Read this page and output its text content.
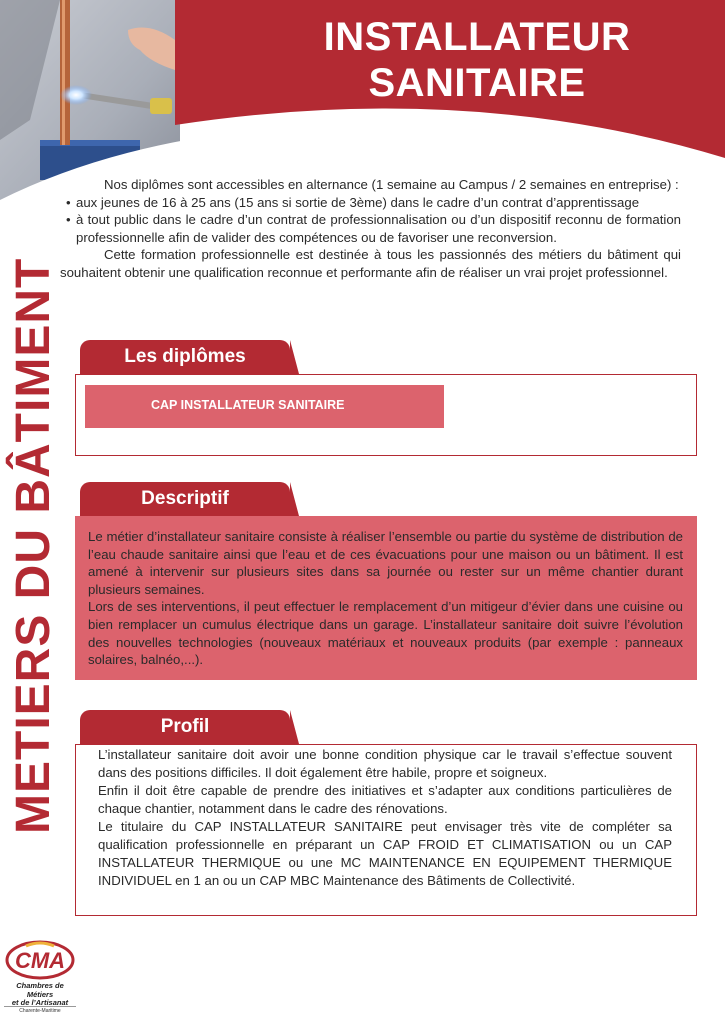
INSTALLATEUR
SANITAIRE
METIERS DU BÂTIMENT

Nos diplômes sont accessibles en alternance (1 semaine au Campus / 2 semaines en entreprise) :

• aux jeunes de 16 à 25 ans (15 ans si sortie de 3ème) dans le cadre d’un contrat d’apprentissage
• à tout public dans le cadre d’un contrat de professionnalisation ou d’un dispositif reconnu de formation professionnelle afin de valider des compétences ou de favoriser une reconversion.

Cette formation professionnelle est destinée à tous les passionnés des métiers du bâtiment qui souhaitent obtenir une qualification reconnue et performante afin de réaliser un vrai projet professionnel.

Les diplômes
CAP INSTALLATEUR SANITAIRE
Descriptif

Le métier d’installateur sanitaire consiste à réaliser l’ensemble ou partie du système de distribution de l’eau chaude sanitaire ainsi que l’eau et de ces évacuations pour une maison ou un bâtiment. Il est amené à intervenir sur plusieurs sites dans sa journée ou rester sur un même chantier durant plusieurs semaines.

Lors de ses interventions, il peut effectuer le remplacement d’un mitigeur d’évier dans une cuisine ou bien remplacer un cumulus électrique dans un garage. L’installateur sanitaire doit suivre l’évolution des nouvelles technologies (nouveaux matériaux et nouveaux produits (par exemple : panneaux solaires, balnéo,...).

Profil

L’installateur sanitaire doit avoir une bonne condition physique car le travail s’effectue souvent dans des positions difficiles. Il doit également être habile, propre et soigneux.

Enfin il doit être capable de prendre des initiatives et s’adapter aux conditions particulières de chaque chantier, notamment dans le cadre des rénovations.

Le titulaire du CAP INSTALLATEUR SANITAIRE peut envisager très vite de compléter sa qualification professionnelle en préparant un CAP FROID ET CLIMATISATION ou un CAP INSTALLATEUR THERMIQUE ou une MC MAINTENANCE EN EQUIPEMENT THERMIQUE INDIVIDUEL en 1 an ou un CAP MBC Maintenance des Bâtiments de Collectivité.

CMA
Chambres de Métiers
et de l’Artisanat
Charente-Maritime
